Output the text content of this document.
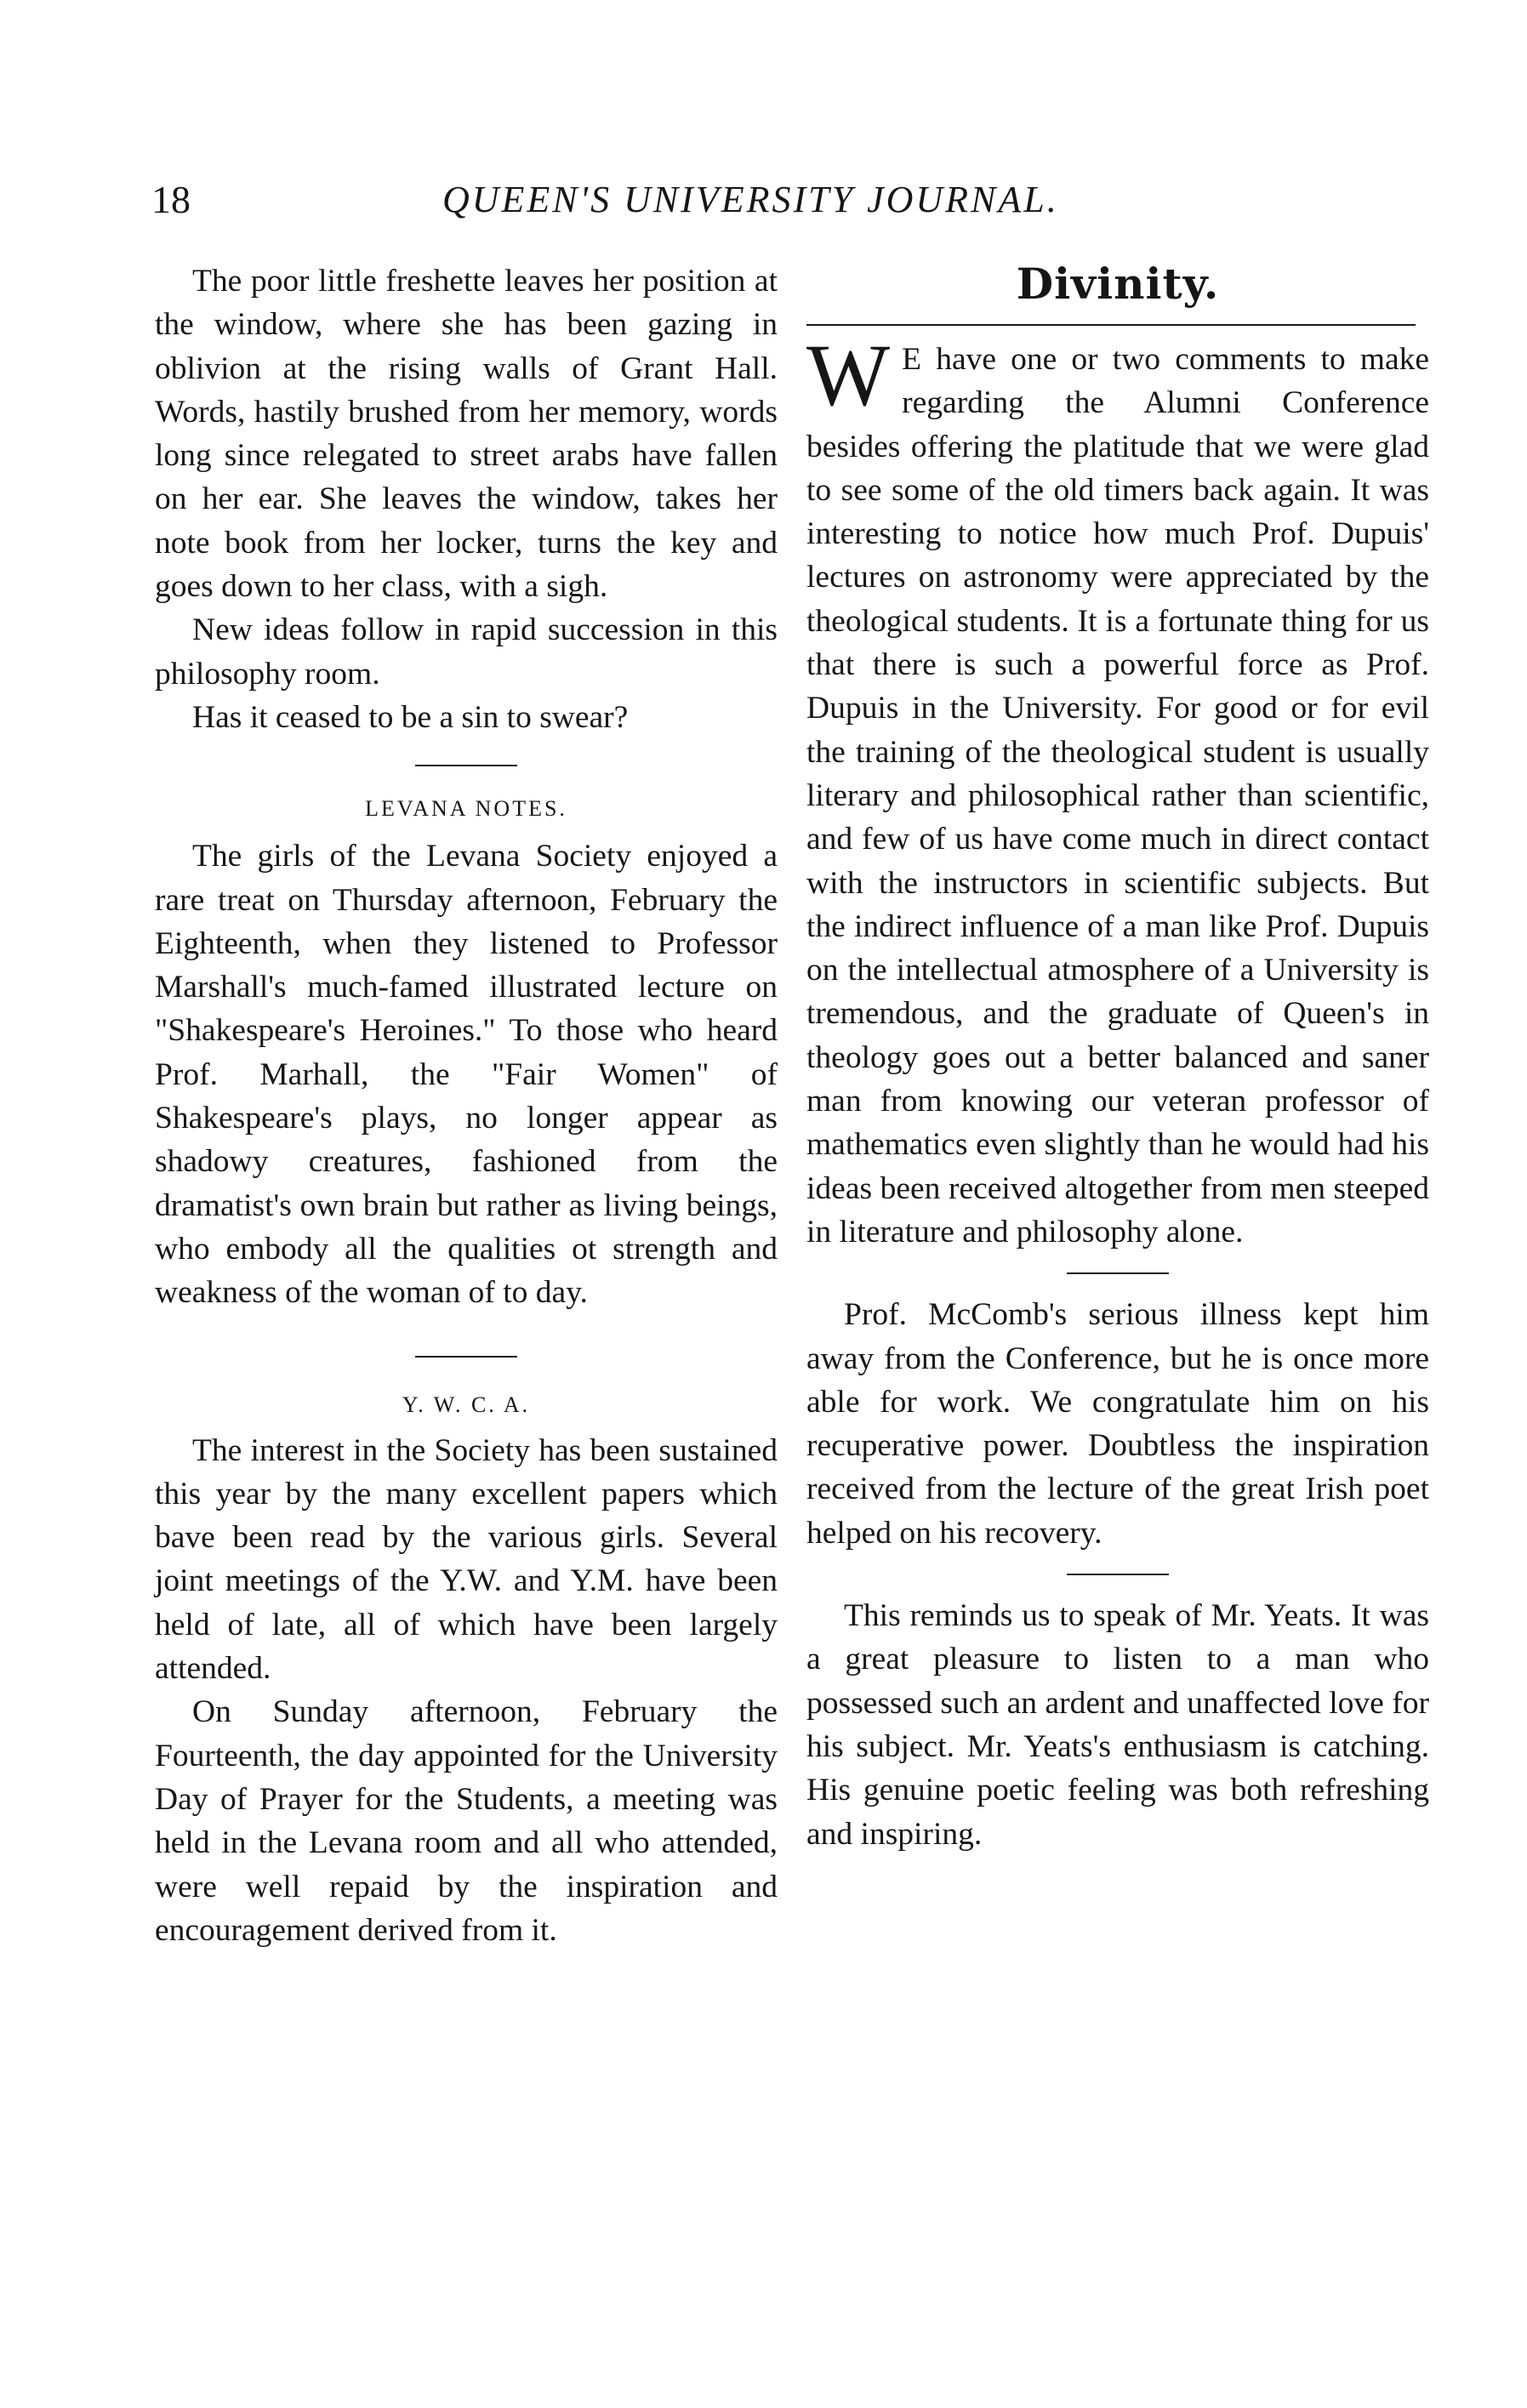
18	QUEEN'S UNIVERSITY JOURNAL.

The poor little freshette leaves her position at the window, where she has been gazing in oblivion at the rising walls of Grant Hall. Words, hastily brushed from her memory, words long since relegated to street arabs have fallen on her ear. She leaves the window, takes her note book from her locker, turns the key and goes down to her class, with a sigh.

New ideas follow in rapid succession in this philosophy room.

Has it ceased to be a sin to swear?

LEVANA NOTES.

The girls of the Levana Society enjoyed a rare treat on Thursday afternoon, February the Eighteenth, when they listened to Professor Marshall's much-famed illustrated lecture on "Shakespeare's Heroines." To those who heard Prof. Marhall, the "Fair Women" of Shakespeare's plays, no longer appear as shadowy creatures, fashioned from the dramatist's own brain but rather as living beings, who embody all the qualities ot strength and weakness of the woman of to day.

Y. W. C. A.

The interest in the Society has been sustained this year by the many excellent papers which bave been read by the various girls. Several joint meetings of the Y.W. and Y.M. have been held of late, all of which have been largely attended.

On Sunday afternoon, February the Fourteenth, the day appointed for the University Day of Prayer for the Students, a meeting was held in the Levana room and all who attended, were well repaid by the inspiration and encouragement derived from it.

Divinity.

W E have one or two comments to make regarding the Alumni Conference besides offering the platitude that we were glad to see some of the old timers back again. It was interesting to notice how much Prof. Dupuis' lectures on astronomy were appreciated by the theological students. It is a fortunate thing for us that there is such a powerful force as Prof. Dupuis in the University. For good or for evil the training of the theological student is usually literary and philosophical rather than scientific, and few of us have come much in direct contact with the instructors in scientific subjects. But the indirect influence of a man like Prof. Dupuis on the intellectual atmosphere of a University is tremendous, and the graduate of Queen's in theology goes out a better balanced and saner man from knowing our veteran professor of mathematics even slightly than he would had his ideas been received altogether from men steeped in literature and philosophy alone.

Prof. McComb's serious illness kept him away from the Conference, but he is once more able for work. We congratulate him on his recuperative power. Doubtless the inspiration received from the lecture of the great Irish poet helped on his recovery.

This reminds us to speak of Mr. Yeats. It was a great pleasure to listen to a man who possessed such an ardent and unaffected love for his subject. Mr. Yeats's enthusiasm is catching. His genuine poetic feeling was both refreshing and inspiring.
